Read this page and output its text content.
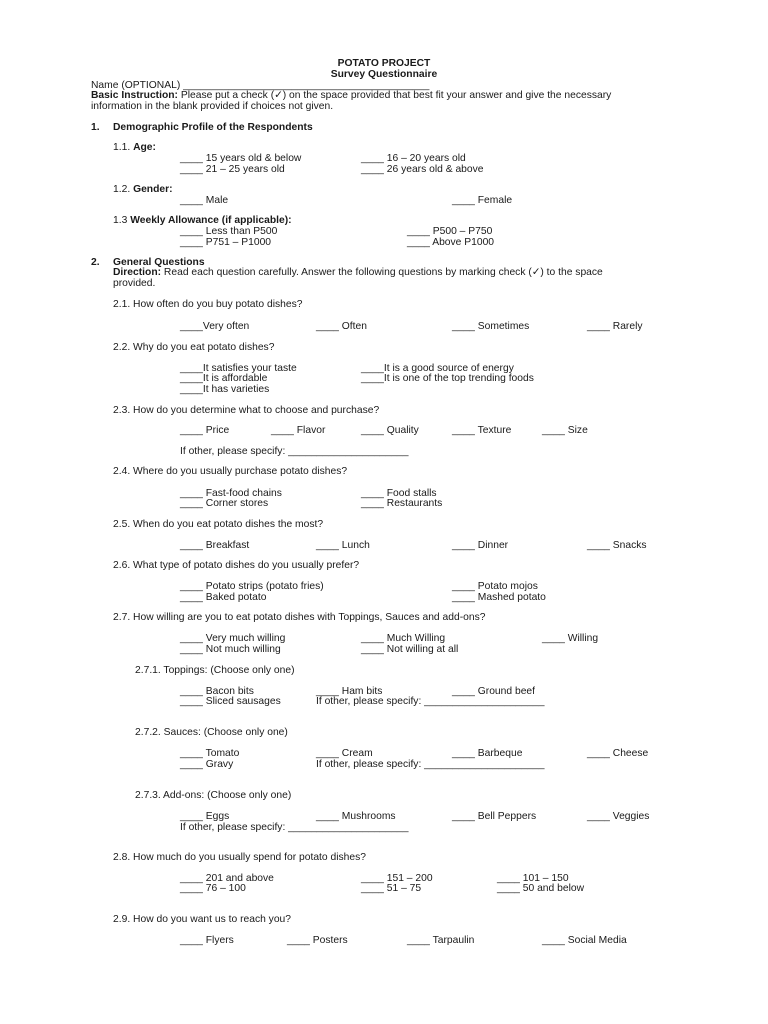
POTATO PROJECT
Survey Questionnaire
Name (OPTIONAL) ___________________________________________
Basic Instruction: Please put a check (✓) on the space provided that best fit your answer and give the necessary
information in the blank provided if choices not given.
1. Demographic Profile of the Respondents
1.1. Age:
____ 15 years old & below	____ 16 – 20 years old
____ 21 – 25 years old	____ 26 years old & above
1.2. Gender:
____ Male	____ Female
1.3 Weekly Allowance (if applicable):
____ Less than P500	____ P500 – P750
____ P751 – P1000	____ Above P1000
2. General Questions
Direction: Read each question carefully. Answer the following questions by marking check (✓) to the space
provided.
2.1. How often do you buy potato dishes?
____Very often	____ Often	____ Sometimes	____ Rarely
2.2. Why do you eat potato dishes?
____It satisfies your taste	____It is a good source of energy
____It is affordable	____It is one of the top trending foods
____It has varieties
2.3. How do you determine what to choose and purchase?
____ Price	____ Flavor	____ Quality	____ Texture	____ Size
If other, please specify: _____________________
2.4. Where do you usually purchase potato dishes?
____ Fast-food chains	____ Food stalls
____ Corner stores	____ Restaurants
2.5. When do you eat potato dishes the most?
____ Breakfast	____ Lunch	____ Dinner	____ Snacks
2.6. What type of potato dishes do you usually prefer?
____ Potato strips (potato fries)	____ Potato mojos
____ Baked potato	____ Mashed potato
2.7. How willing are you to eat potato dishes with Toppings, Sauces and add-ons?
____ Very much willing	____ Much Willing	____ Willing
____ Not much willing	____ Not willing at all
2.7.1. Toppings: (Choose only one)
____ Bacon bits	____ Ham bits	____ Ground beef
____ Sliced sausages	If other, please specify: _____________________
2.7.2. Sauces: (Choose only one)
____ Tomato	____ Cream	____ Barbeque	____ Cheese
____ Gravy	If other, please specify: _____________________
2.7.3. Add-ons: (Choose only one)
____ Eggs	____ Mushrooms	____ Bell Peppers	____ Veggies
If other, please specify: _____________________
2.8. How much do you usually spend for potato dishes?
____ 201 and above	____ 151 – 200	____ 101 – 150
____ 76 – 100	____ 51 – 75	____ 50 and below
2.9. How do you want us to reach you?
____ Flyers	____ Posters	____ Tarpaulin	____ Social Media
